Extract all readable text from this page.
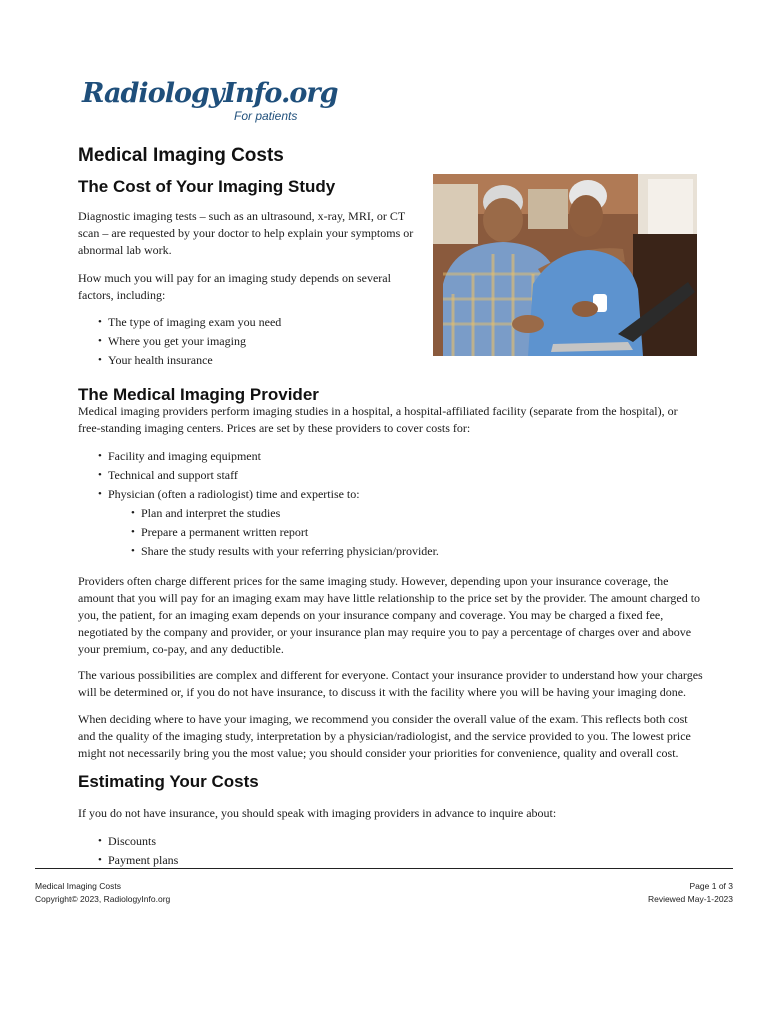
RadiologyInfo.org
For patients
Medical Imaging Costs
The Cost of Your Imaging Study

Diagnostic imaging tests – such as an ultrasound, x-ray, MRI, or CT scan – are requested by your doctor to help explain your symptoms or abnormal lab work.

How much you will pay for an imaging study depends on several factors, including:

• The type of imaging exam you need
• Where you get your imaging
• Your health insurance
The Medical Imaging Provider

Medical imaging providers perform imaging studies in a hospital, a hospital-affiliated facility (separate from the hospital), or free-standing imaging centers. Prices are set by these providers to cover costs for:

• Facility and imaging equipment
• Technical and support staff
• Physician (often a radiologist) time and expertise to:
• Plan and interpret the studies
• Prepare a permanent written report
• Share the study results with your referring physician/provider.

Providers often charge different prices for the same imaging study. However, depending upon your insurance coverage, the amount that you will pay for an imaging exam may have little relationship to the price set by the provider. The amount charged to you, the patient, for an imaging exam depends on your insurance company and coverage. You may be charged a fixed fee, negotiated by the company and provider, or your insurance plan may require you to pay a percentage of charges over and above your premium, co-pay, and any deductible.

The various possibilities are complex and different for everyone. Contact your insurance provider to understand how your charges will be determined or, if you do not have insurance, to discuss it with the facility where you will be having your imaging done.

When deciding where to have your imaging, we recommend you consider the overall value of the exam. This reflects both cost and the quality of the imaging study, interpretation by a physician/radiologist, and the service provided to you. The lowest price might not necessarily bring you the most value; you should consider your priorities for convenience, quality and overall cost.

Estimating Your Costs

If you do not have insurance, you should speak with imaging providers in advance to inquire about:

• Discounts
• Payment plans
Medical Imaging Costs
Copyright© 2023, RadiologyInfo.org
Page 1 of 3
Reviewed May-1-2023
